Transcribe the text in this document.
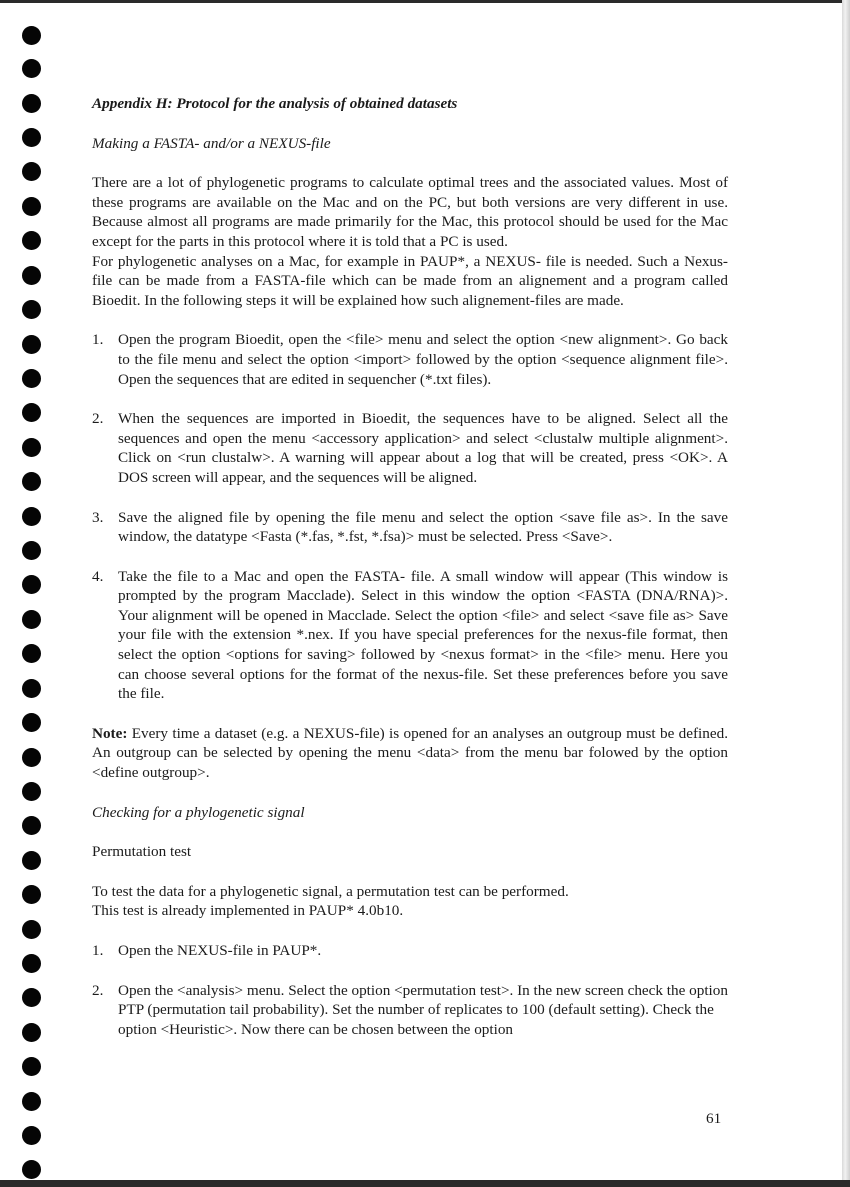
Appendix H: Protocol for the analysis of obtained datasets

Making a FASTA- and/or a NEXUS-file

There are a lot of phylogenetic programs to calculate optimal trees and the associated values. Most of these programs are available on the Mac and on the PC, but both versions are very different in use. Because almost all programs are made primarily for the Mac, this protocol should be used for the Mac except for the parts in this protocol where it is told that a PC is used.

For phylogenetic analyses on a Mac, for example in PAUP*, a NEXUS- file is needed. Such a Nexus- file can be made from a FASTA-file which can be made from an alignement and a program called Bioedit. In the following steps it will be explained how such alignement-files are made.

1. Open the program Bioedit, open the <file> menu and select the option <new alignment>. Go back to the file menu and select the option <import> followed by the option <sequence alignment file>. Open the sequences that are edited in sequencher (*.txt files).
2. When the sequences are imported in Bioedit, the sequences have to be aligned. Select all the sequences and open the menu <accessory application> and select <clustalw multiple alignment>. Click on <run clustalw>. A warning will appear about a log that will be created, press <OK>. A DOS screen will appear, and the sequences will be aligned.
3. Save the aligned file by opening the file menu and select the option <save file as>. In the save window, the datatype <Fasta (*.fas, *.fst, *.fsa)> must be selected. Press <Save>.
4. Take the file to a Mac and open the FASTA- file. A small window will appear (This window is prompted by the program Macclade). Select in this window the option <FASTA (DNA/RNA)>. Your alignment will be opened in Macclade. Select the option <file> and select <save file as> Save your file with the extension *.nex. If you have special preferences for the nexus-file format, then select the option <options for saving> followed by <nexus format> in the <file> menu. Here you can choose several options for the format of the nexus-file. Set these preferences before you save the file.

Note: Every time a dataset (e.g. a NEXUS-file) is opened for an analyses an outgroup must be defined. An outgroup can be selected by opening the menu <data> from the menu bar folowed by the option <define outgroup>.

Checking for a phylogenetic signal

Permutation test

To test the data for a phylogenetic signal, a permutation test can be performed.

This test is already implemented in PAUP* 4.0b10.

1. Open the NEXUS-file in PAUP*.
2. Open the <analysis> menu. Select the option <permutation test>. In the new screen check the option PTP (permutation tail probability). Set the number of replicates to 100 (default setting). Check the option <Heuristic>. Now there can be chosen between the option
61
